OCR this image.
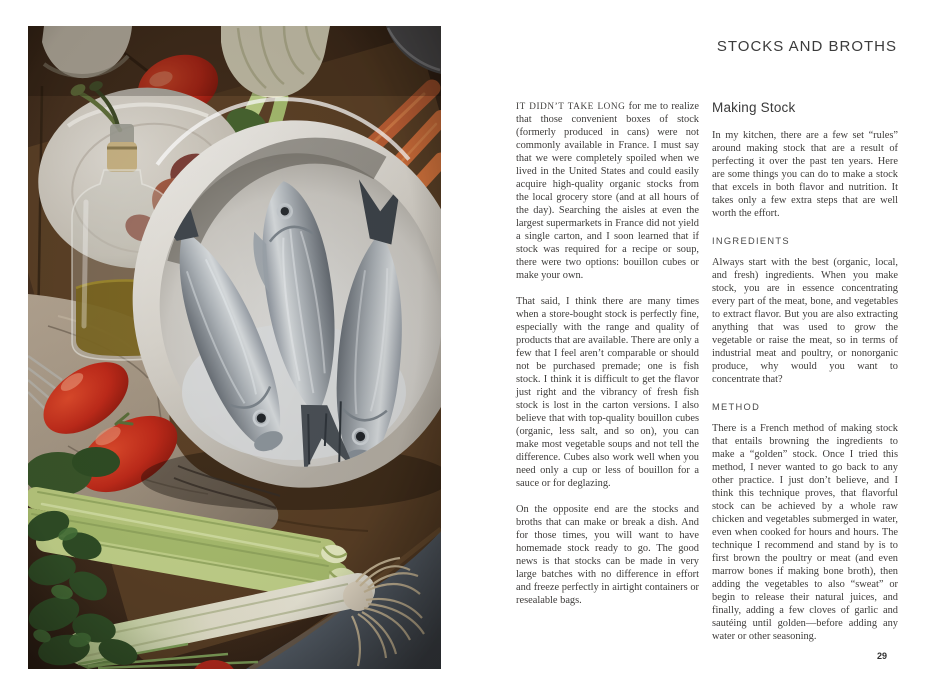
STOCKS AND BROTHS

IT DIDN’T TAKE LONG for me to realize that those convenient boxes of stock (formerly produced in cans) were not commonly available in France. I must say that we were completely spoiled when we lived in the United States and could easily acquire high-quality organic stocks from the local grocery store (and at all hours of the day). Searching the aisles at even the largest supermarkets in France did not yield a single carton, and I soon learned that if stock was required for a recipe or soup, there were two options: bouillon cubes or make your own.

That said, I think there are many times when a store-bought stock is perfectly fine, especially with the range and quality of products that are available. There are only a few that I feel aren’t comparable or should not be purchased premade; one is fish stock. I think it is difficult to get the flavor just right and the vibrancy of fresh fish stock is lost in the carton versions. I also believe that with top-quality bouillon cubes (organic, less salt, and so on), you can make most vegetable soups and not tell the difference. Cubes also work well when you need only a cup or less of bouillon for a sauce or for deglazing.

On the opposite end are the stocks and broths that can make or break a dish. And for those times, you will want to have homemade stock ready to go. The good news is that stocks can be made in very large batches with no difference in effort and freeze perfectly in airtight containers or resealable bags.

Making Stock

In my kitchen, there are a few set “rules” around making stock that are a result of perfecting it over the past ten years. Here are some things you can do to make a stock that excels in both flavor and nutrition. It takes only a few extra steps that are well worth the effort.

INGREDIENTS

Always start with the best (organic, local, and fresh) ingredients. When you make stock, you are in essence concentrating every part of the meat, bone, and vegetables to extract flavor. But you are also extracting anything that was used to grow the vegetable or raise the meat, so in terms of industrial meat and poultry, or nonorganic produce, why would you want to concentrate that?

METHOD

There is a French method of making stock that entails browning the ingredients to make a “golden” stock. Once I tried this method, I never wanted to go back to any other practice. I just don’t believe, and I think this technique proves, that flavorful stock can be achieved by a whole raw chicken and vegetables submerged in water, even when cooked for hours and hours. The technique I recommend and stand by is to first brown the poultry or meat (and even marrow bones if making bone broth), then adding the vegetables to also “sweat” or begin to release their natural juices, and finally, adding a few cloves of garlic and sautéing until golden—before adding any water or other seasoning.

29
